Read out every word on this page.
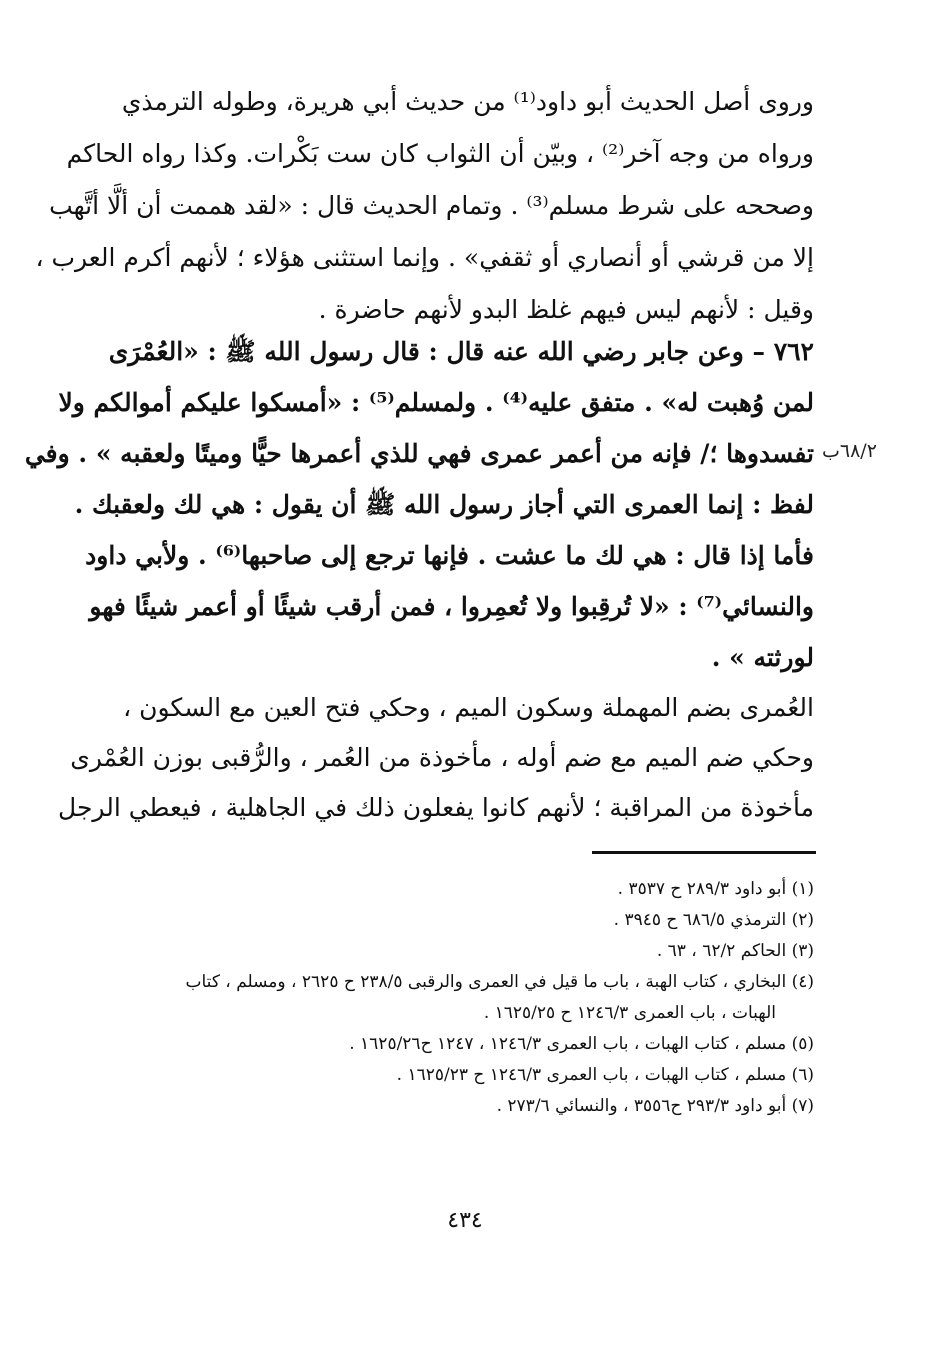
وروى أصل الحديث أبو داود⁽¹⁾ من حديث أبي هريرة، وطوله الترمذي
ورواه من وجه آخر⁽²⁾ ، وبيّن أن الثواب كان ست بَكْرات. وكذا رواه الحاكم
وصححه على شرط مسلم⁽³⁾ . وتمام الحديث قال : «لقد هممت أن ألَّا أتَّهب
إلا من قرشي أو أنصاري أو ثقفي» . وإنما استثنى هؤلاء ؛ لأنهم أكرم العرب ،
وقيل : لأنهم ليس فيهم غلظ البدو لأنهم حاضرة .
٧٦٢ – وعن جابر رضي الله عنه قال : قال رسول الله ﷺ : «العُمْرَى
لمن وُهبت له» . متفق عليه⁽⁴⁾ . ولمسلم⁽⁵⁾ : «أمسكوا عليكم أموالكم ولا
تفسدوها ؛/ فإنه من أعمر عمرى فهي للذي أعمرها حيًّا وميتًا ولعقبه » . وفي
لفظ : إنما العمرى التي أجاز رسول الله ﷺ أن يقول : هي لك ولعقبك .
فأما إذا قال : هي لك ما عشت . فإنها ترجع إلى صاحبها⁽⁶⁾ . ولأبي داود
والنسائي⁽⁷⁾ : «لا تُرقِبوا ولا تُعمِروا ، فمن أرقب شيئًا أو أعمر شيئًا فهو
لورثته » .
٦٨/٢ب
العُمرى بضم المهملة وسكون الميم ، وحكي فتح العين مع السكون ،
وحكي ضم الميم مع ضم أوله ، مأخوذة من العُمر ، والرُّقبى بوزن العُمْرى
مأخوذة من المراقبة ؛ لأنهم كانوا يفعلون ذلك في الجاهلية ، فيعطي الرجل
(١) أبو داود ٢٨٩/٣ ح ٣٥٣٧ .
(٢) الترمذي ٦٨٦/٥ ح ٣٩٤٥ .
(٣) الحاكم ٦٢/٢ ، ٦٣ .
(٤) البخاري ، كتاب الهبة ، باب ما قيل في العمرى والرقبى ٢٣٨/٥ ح ٢٦٢٥ ، ومسلم ، كتاب
الهبات ، باب العمرى ١٢٤٦/٣ ح ١٦٢٥/٢٥ .
(٥) مسلم ، كتاب الهبات ، باب العمرى ١٢٤٦/٣ ، ١٢٤٧ ح١٦٢٥/٢٦ .
(٦) مسلم ، كتاب الهبات ، باب العمرى ١٢٤٦/٣ ح ١٦٢٥/٢٣ .
(٧) أبو داود ٢٩٣/٣ ح٣٥٥٦ ، والنسائي ٢٧٣/٦ .
٤٣٤
